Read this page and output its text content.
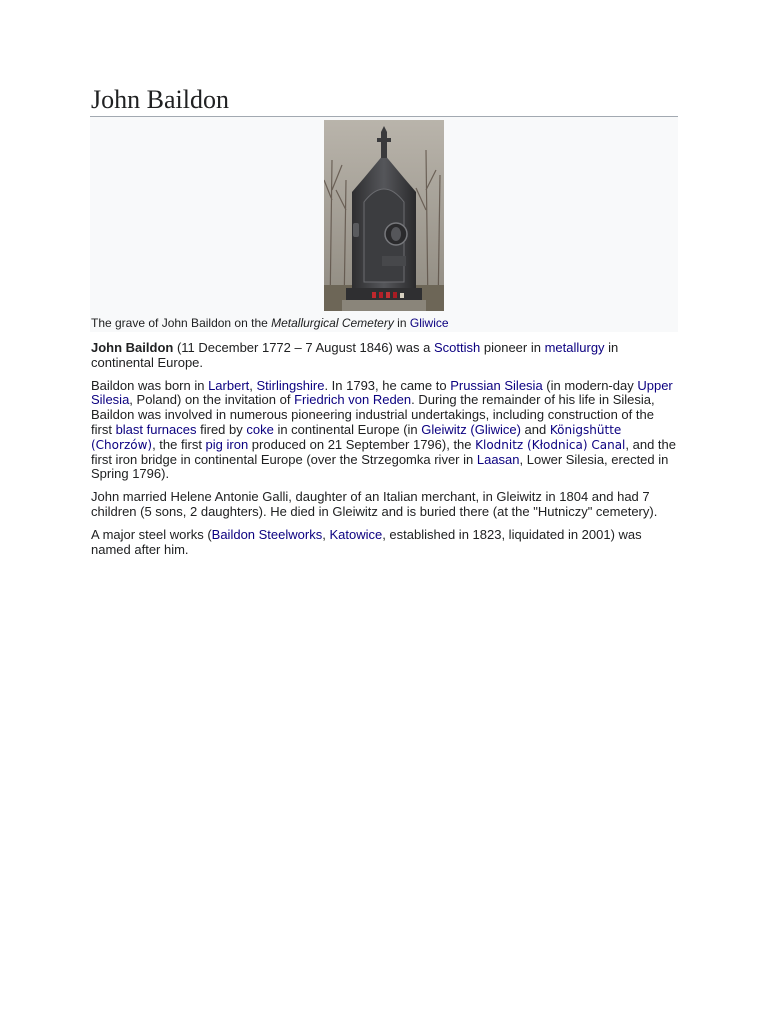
John Baildon
The grave of John Baildon on the Metallurgical Cemetery in Gliwice

John Baildon (11 December 1772 – 7 August 1846) was a Scottish pioneer in metallurgy in continental Europe.

Baildon was born in Larbert, Stirlingshire. In 1793, he came to Prussian Silesia (in modern-day Upper Silesia, Poland) on the invitation of Friedrich von Reden. During the remainder of his life in Silesia, Baildon was involved in numerous pioneering industrial undertakings, including construction of the first blast furnaces fired by coke in continental Europe (in Gleiwitz (Gliwice) and Königshütte (Chorzów), the first pig iron produced on 21 September 1796), the Klodnitz (Kłodnica) Canal, and the first iron bridge in continental Europe (over the Strzegomka river in Laasan, Lower Silesia, erected in Spring 1796).

John married Helene Antonie Galli, daughter of an Italian merchant, in Gleiwitz in 1804 and had 7 children (5 sons, 2 daughters). He died in Gleiwitz and is buried there (at the "Hutniczy" cemetery).

A major steel works (Baildon Steelworks, Katowice, established in 1823, liquidated in 2001) was named after him.
